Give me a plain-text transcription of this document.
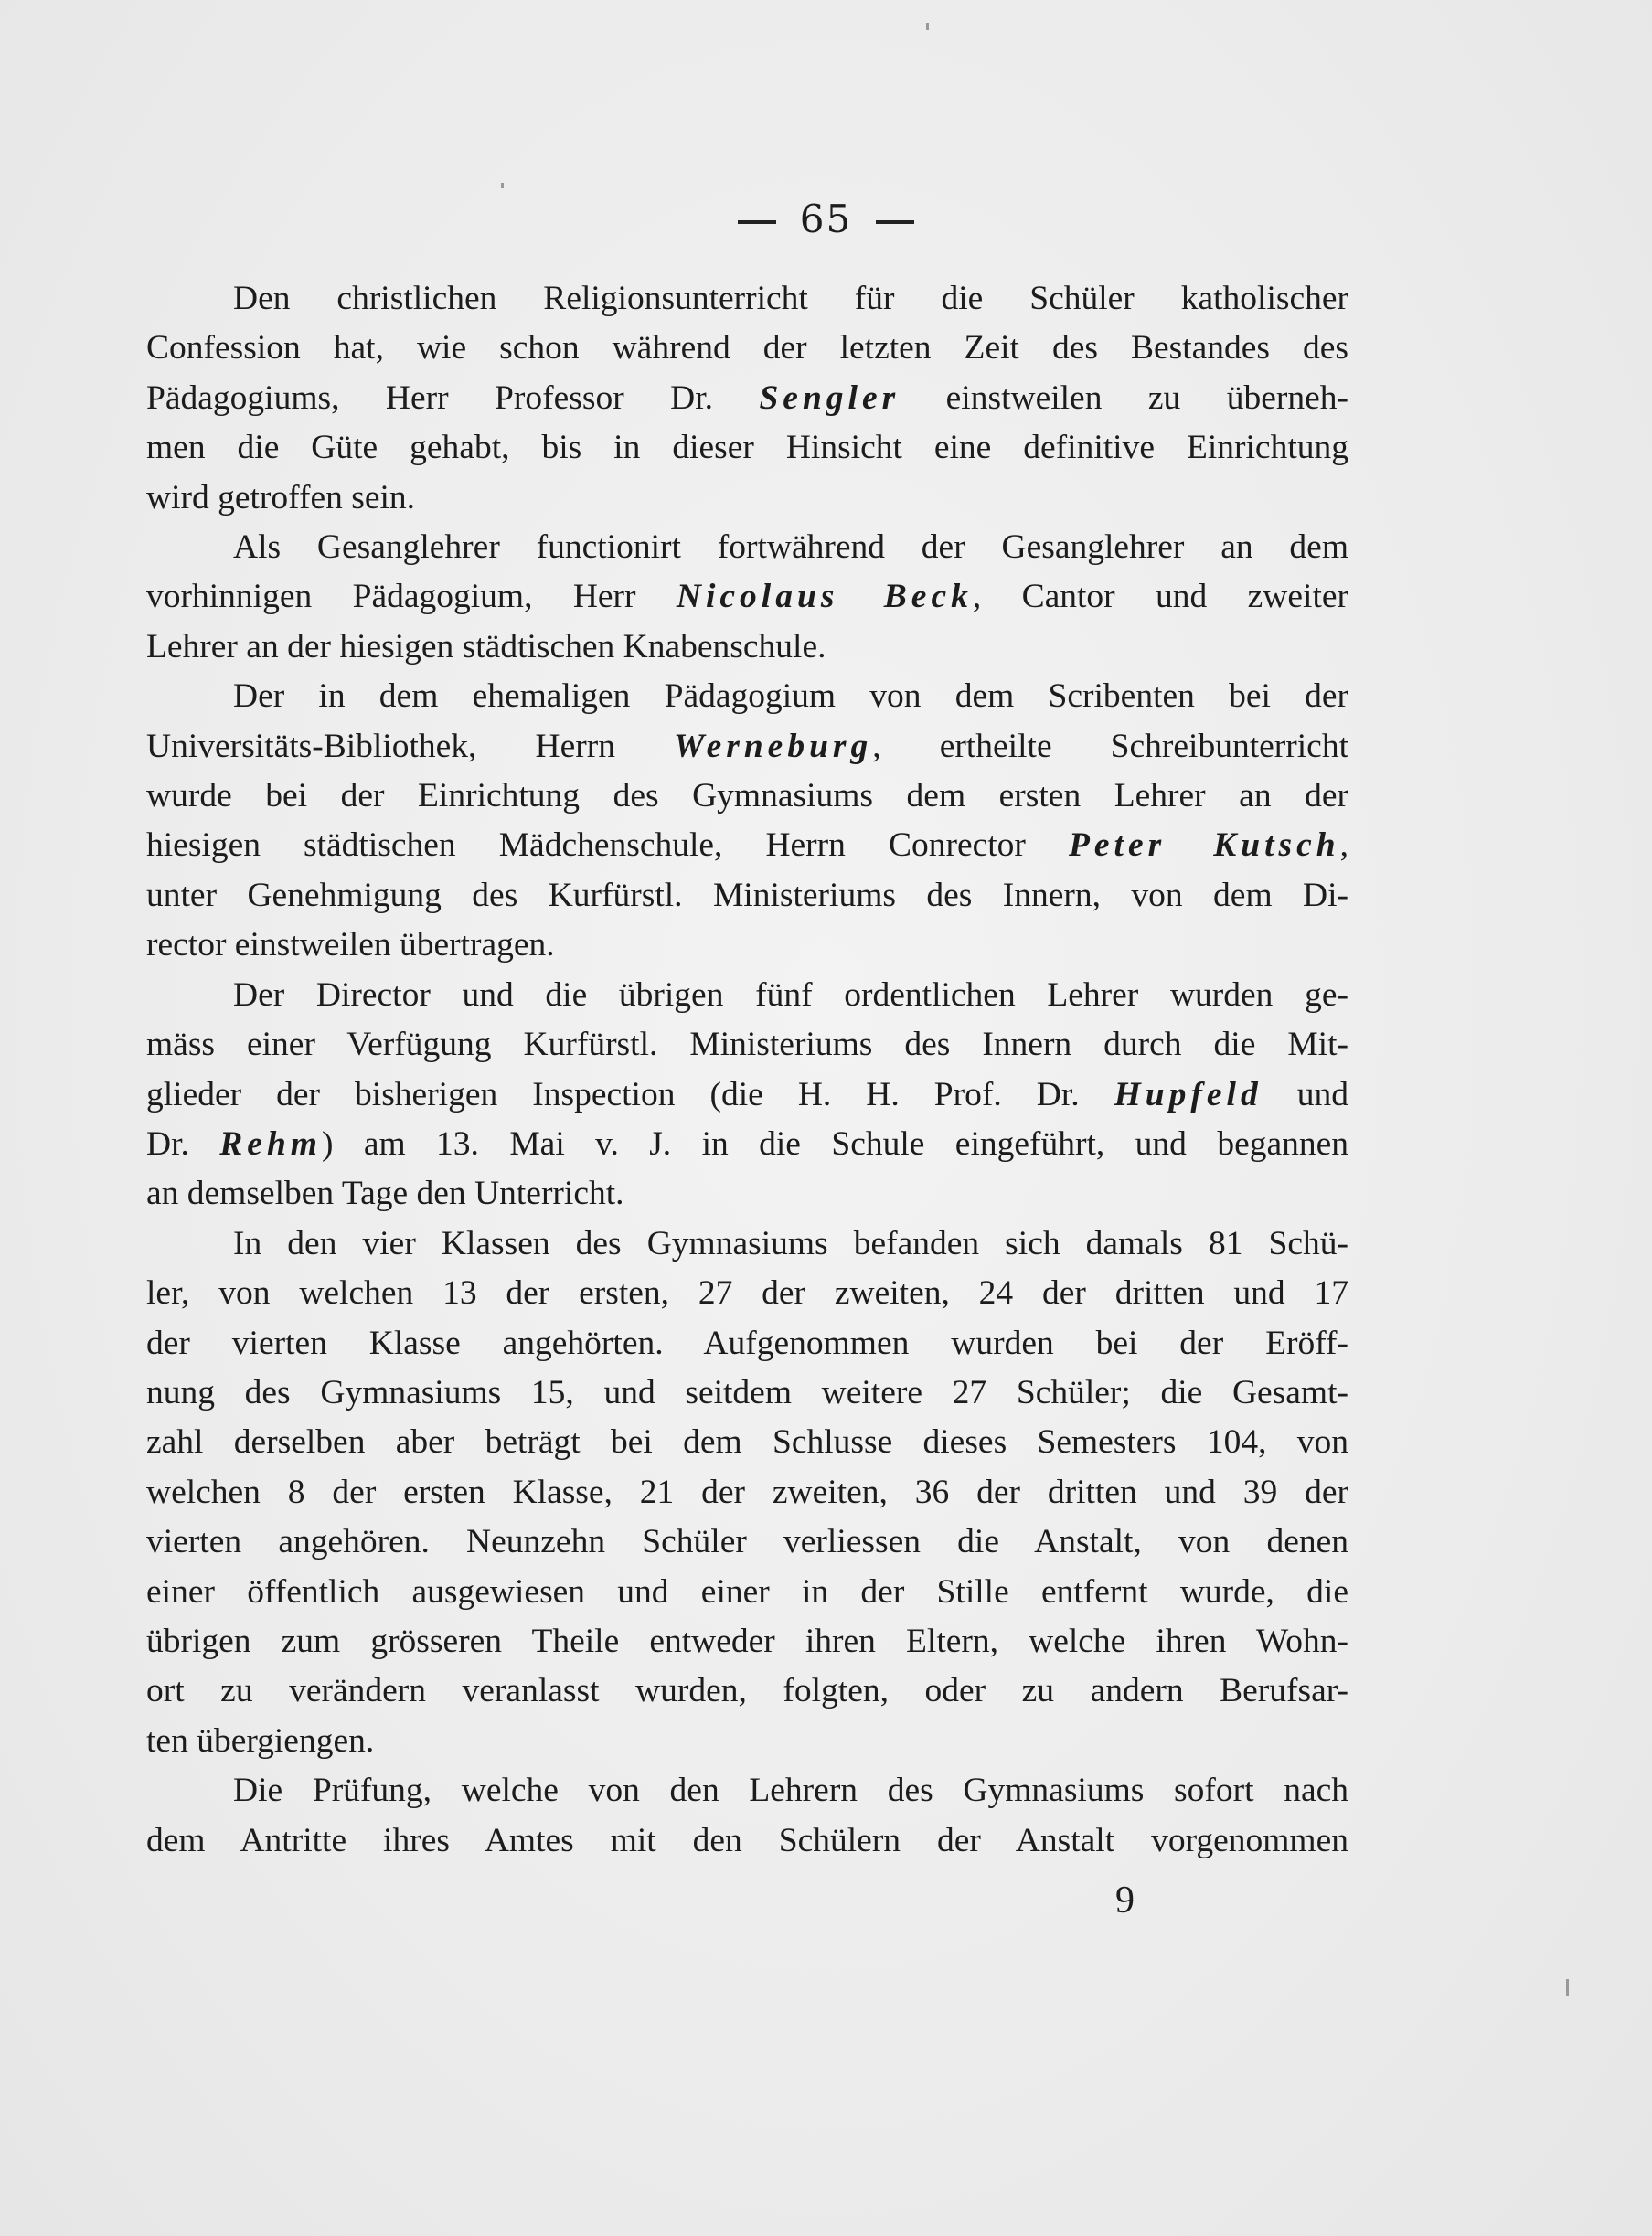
65
Den christlichen Religionsunterricht für die Schüler katholischer
Confession hat, wie schon während der letzten Zeit des Bestandes des
Pädagogiums, Herr Professor Dr. Sengler einstweilen zu überneh-
men die Güte gehabt, bis in dieser Hinsicht eine definitive Einrichtung
wird getroffen sein.
Als Gesanglehrer functionirt fortwährend der Gesanglehrer an dem
vorhinnigen Pädagogium, Herr Nicolaus Beck, Cantor und zweiter
Lehrer an der hiesigen städtischen Knabenschule.
Der in dem ehemaligen Pädagogium von dem Scribenten bei der
Universitäts-Bibliothek, Herrn Werneburg, ertheilte Schreibunterricht
wurde bei der Einrichtung des Gymnasiums dem ersten Lehrer an der
hiesigen städtischen Mädchenschule, Herrn Conrector Peter Kutsch,
unter Genehmigung des Kurfürstl. Ministeriums des Innern, von dem Di-
rector einstweilen übertragen.
Der Director und die übrigen fünf ordentlichen Lehrer wurden ge-
mäss einer Verfügung Kurfürstl. Ministeriums des Innern durch die Mit-
glieder der bisherigen Inspection (die H. H. Prof. Dr. Hupfeld und
Dr. Rehm) am 13. Mai v. J. in die Schule eingeführt, und begannen
an demselben Tage den Unterricht.
In den vier Klassen des Gymnasiums befanden sich damals 81 Schü-
ler, von welchen 13 der ersten, 27 der zweiten, 24 der dritten und 17
der vierten Klasse angehörten. Aufgenommen wurden bei der Eröff-
nung des Gymnasiums 15, und seitdem weitere 27 Schüler; die Gesamt-
zahl derselben aber beträgt bei dem Schlusse dieses Semesters 104, von
welchen 8 der ersten Klasse, 21 der zweiten, 36 der dritten und 39 der
vierten angehören. Neunzehn Schüler verliessen die Anstalt, von denen
einer öffentlich ausgewiesen und einer in der Stille entfernt wurde, die
übrigen zum grösseren Theile entweder ihren Eltern, welche ihren Wohn-
ort zu verändern veranlasst wurden, folgten, oder zu andern Berufsar-
ten übergiengen.
Die Prüfung, welche von den Lehrern des Gymnasiums sofort nach
dem Antritte ihres Amtes mit den Schülern der Anstalt vorgenommen
9
